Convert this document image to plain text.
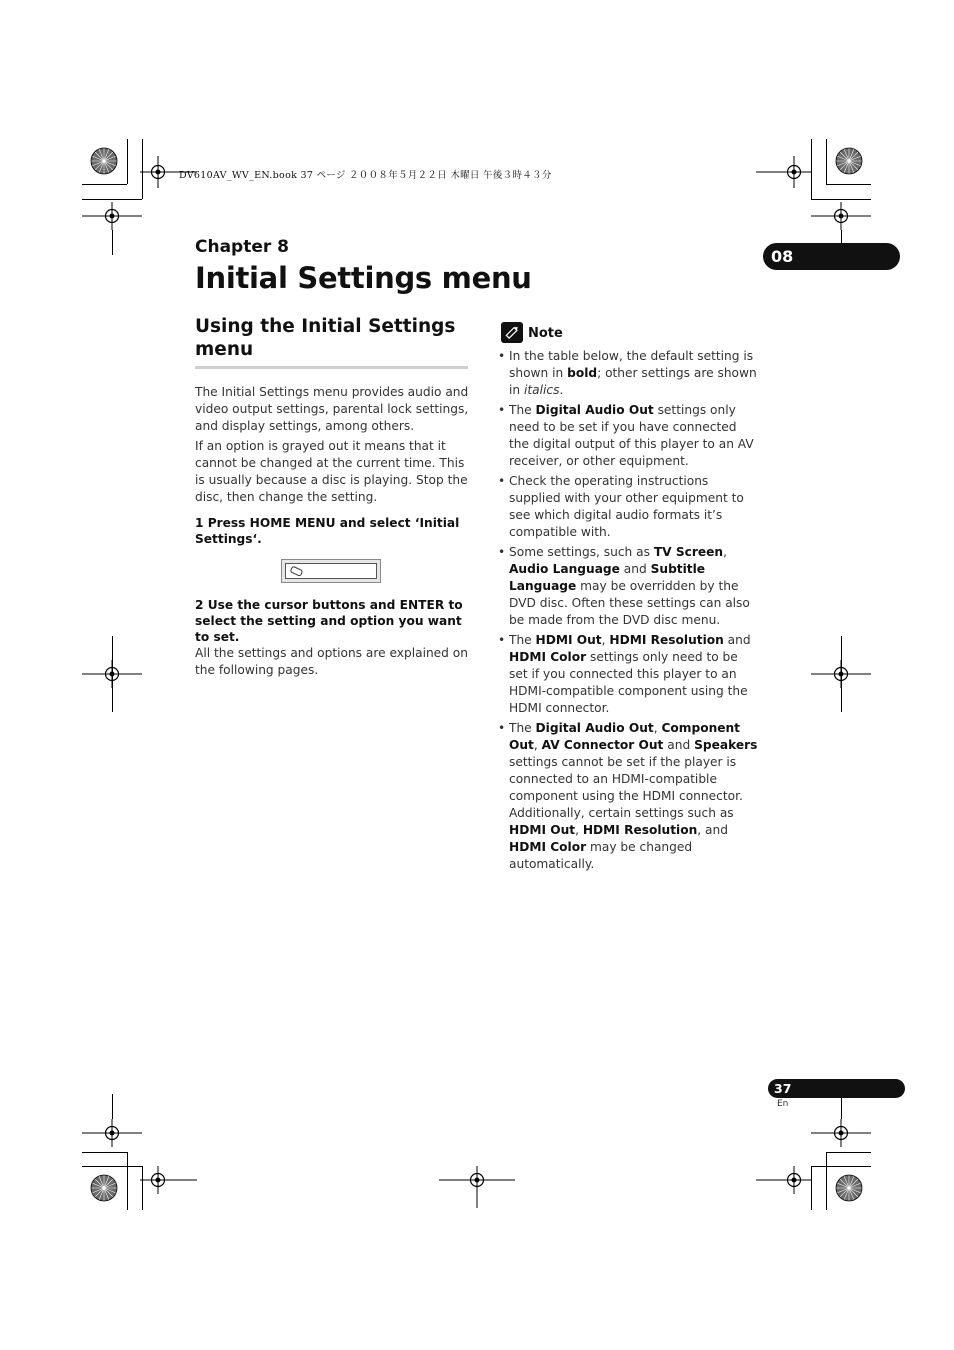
DV610AV_WV_EN.book 37 ページ ２００８年５月２２日 木曜日 午後３時４３分
Chapter 8	08
Initial Settings menu
Using the Initial Settings menu
The Initial Settings menu provides audio and video output settings, parental lock settings, and display settings, among others.
If an option is grayed out it means that it cannot be changed at the current time. This is usually because a disc is playing. Stop the disc, then change the setting.
1 Press HOME MENU and select ‘Initial Settings‘.
2 Use the cursor buttons and ENTER to select the setting and option you want to set.
All the settings and options are explained on the following pages.
Note
• In the table below, the default setting is shown in bold; other settings are shown in italics.
• The Digital Audio Out settings only need to be set if you have connected the digital output of this player to an AV receiver, or other equipment.
• Check the operating instructions supplied with your other equipment to see which digital audio formats it’s compatible with.
• Some settings, such as TV Screen, Audio Language and Subtitle Language may be overridden by the DVD disc. Often these settings can also be made from the DVD disc menu.
• The HDMI Out, HDMI Resolution and HDMI Color settings only need to be set if you connected this player to an HDMI-compatible component using the HDMI connector.
• The Digital Audio Out, Component Out, AV Connector Out and Speakers settings cannot be set if the player is connected to an HDMI-compatible component using the HDMI connector. Additionally, certain settings such as HDMI Out, HDMI Resolution, and HDMI Color may be changed automatically.
37
En
